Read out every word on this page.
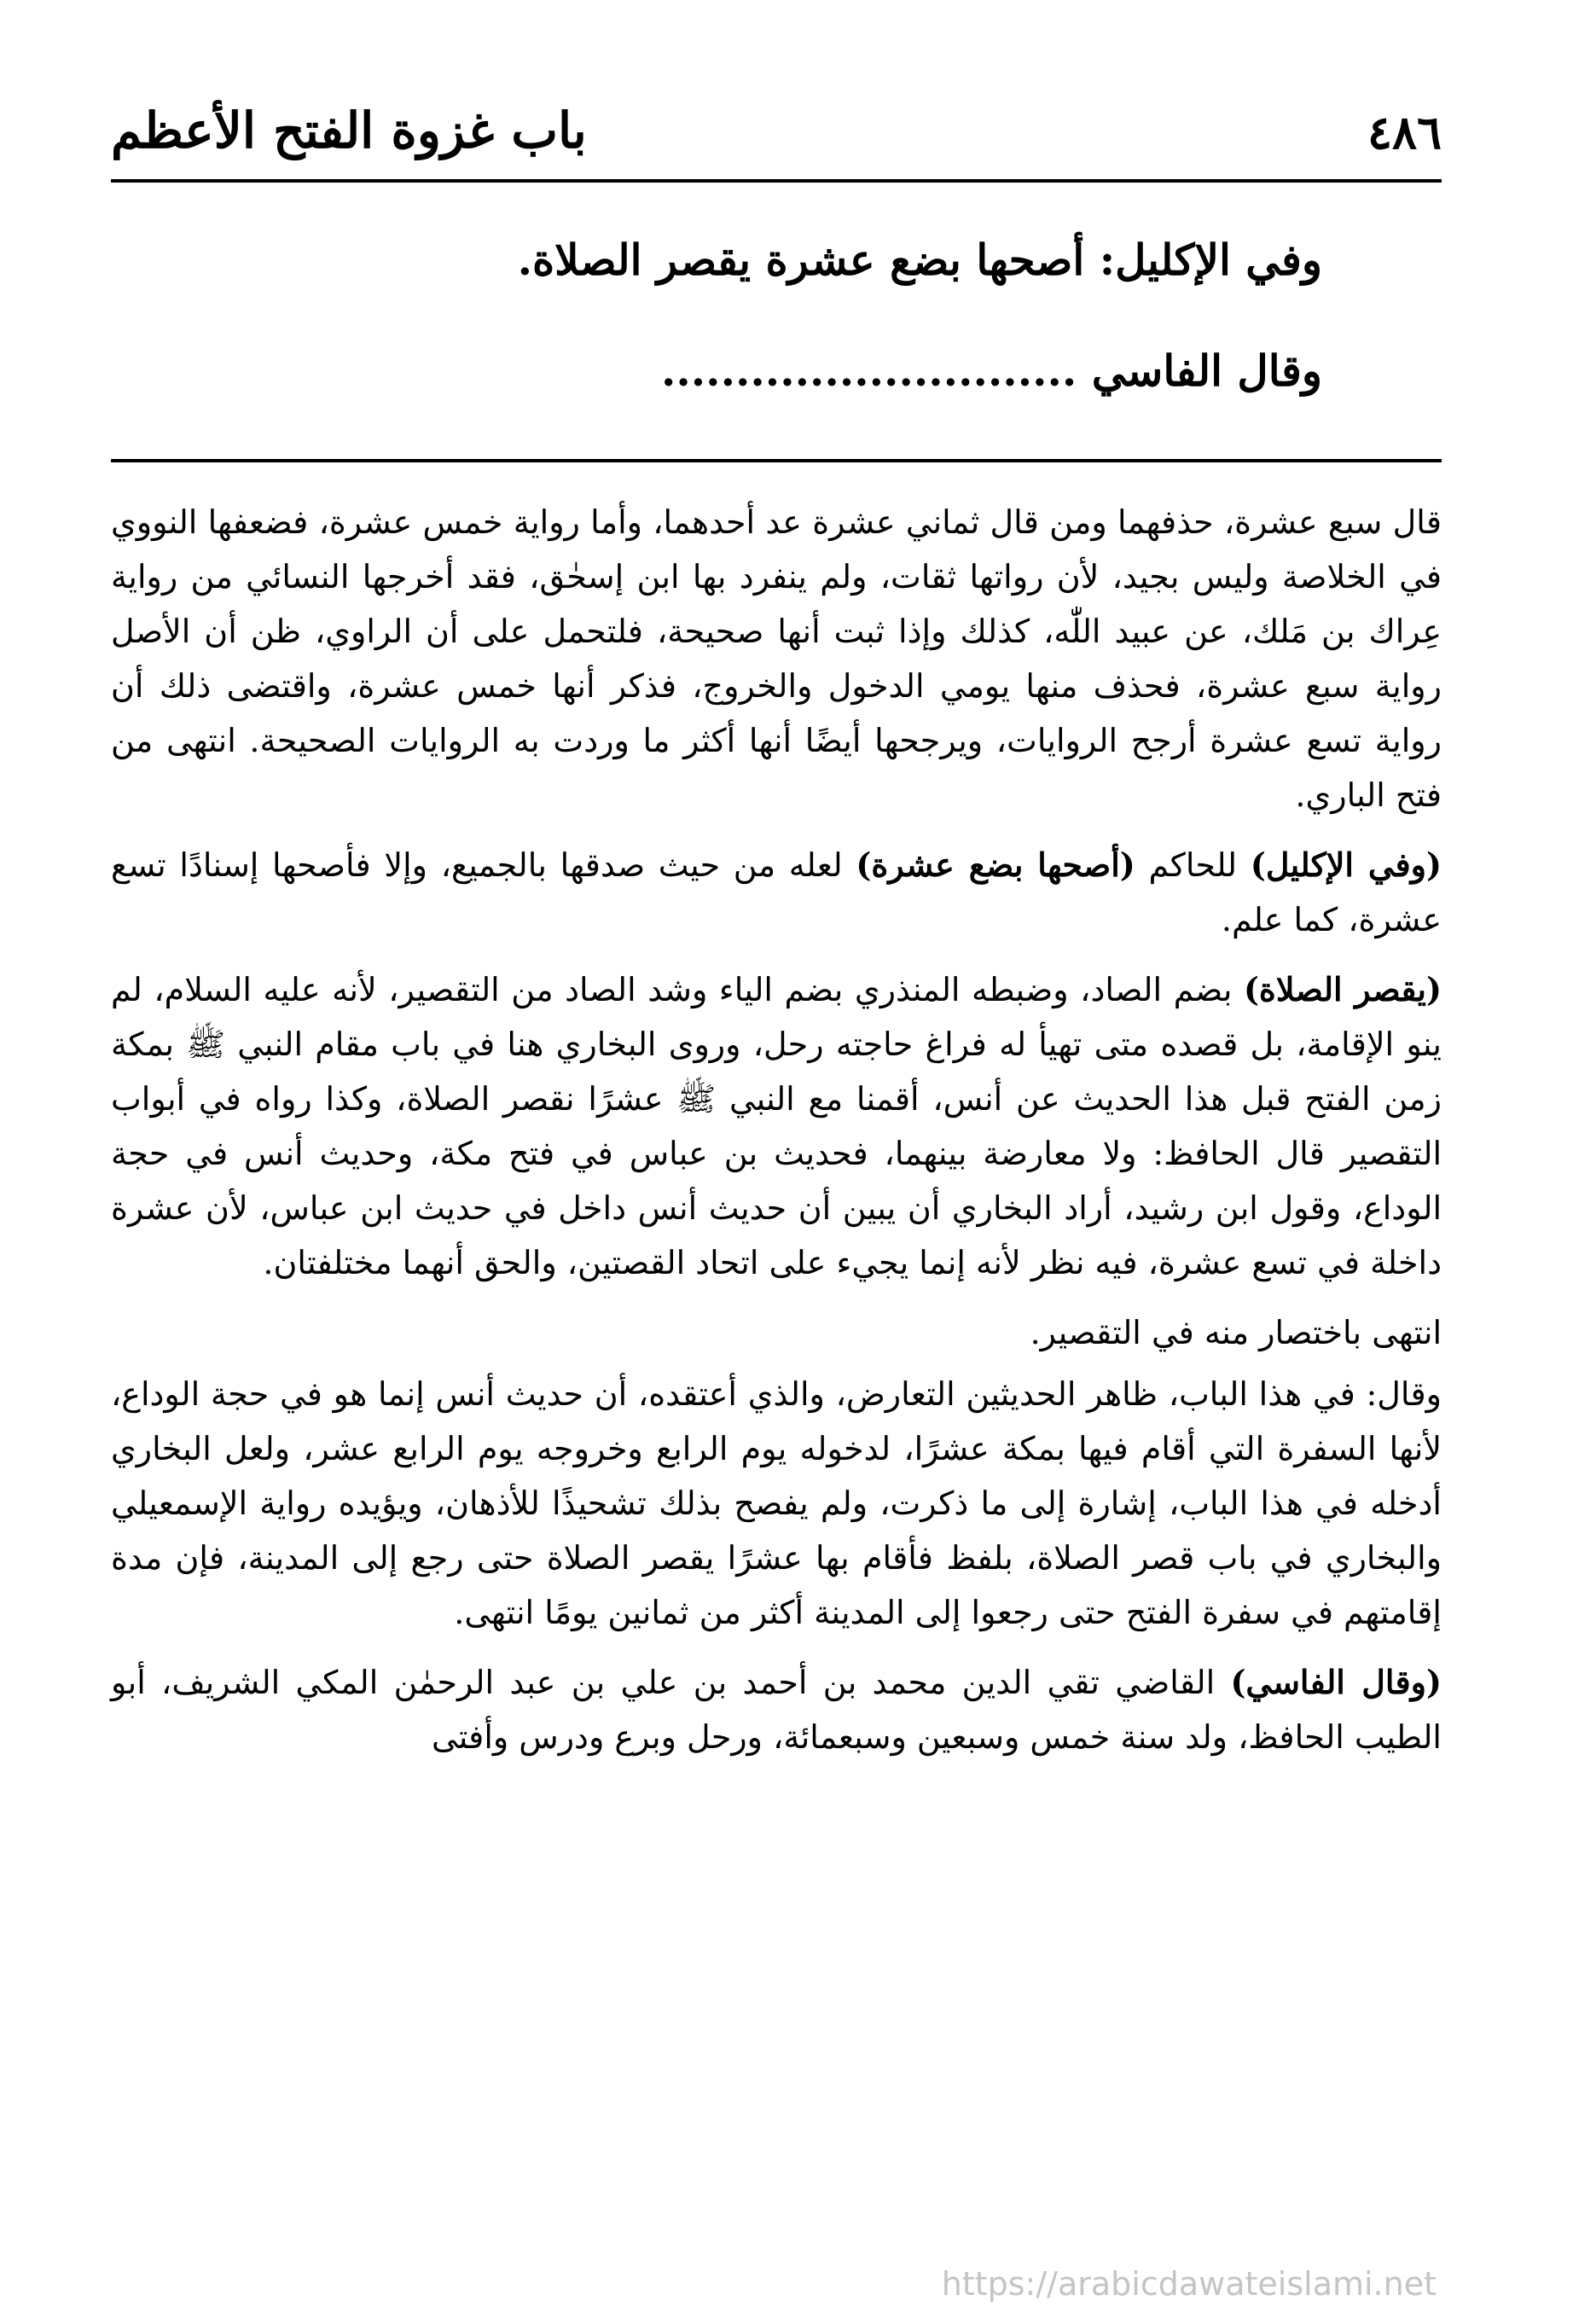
٤٨٦
باب غزوة الفتح الأعظم
وفي الإكليل: أصحها بضع عشرة يقصر الصلاة.
وقال الفاسي ............................

قال سبع عشرة، حذفهما ومن قال ثماني عشرة عد أحدهما، وأما رواية خمس عشرة، فضعفها النووي في الخلاصة وليس بجيد، لأن رواتها ثقات، ولم ينفرد بها ابن إسحٰق، فقد أخرجها النسائي من رواية عِراك بن مَلك، عن عبيد اللّٰه، كذلك وإذا ثبت أنها صحيحة، فلتحمل على أن الراوي، ظن أن الأصل رواية سبع عشرة، فحذف منها يومي الدخول والخروج، فذكر أنها خمس عشرة، واقتضى ذلك أن رواية تسع عشرة أرجح الروايات، ويرجحها أيضًا أنها أكثر ما وردت به الروايات الصحيحة. انتهى من فتح الباري.

(وفي الإكليل) للحاكم (أصحها بضع عشرة) لعله من حيث صدقها بالجميع، وإلا فأصحها إسنادًا تسع عشرة، كما علم.

(يقصر الصلاة) بضم الصاد، وضبطه المنذري بضم الياء وشد الصاد من التقصير، لأنه عليه السلام، لم ينو الإقامة، بل قصده متى تهيأ له فراغ حاجته رحل، وروى البخاري هنا في باب مقام النبي ﷺ بمكة زمن الفتح قبل هذا الحديث عن أنس، أقمنا مع النبي ﷺ عشرًا نقصر الصلاة، وكذا رواه في أبواب التقصير قال الحافظ: ولا معارضة بينهما، فحديث بن عباس في فتح مكة، وحديث أنس في حجة الوداع، وقول ابن رشيد، أراد البخاري أن يبين أن حديث أنس داخل في حديث ابن عباس، لأن عشرة داخلة في تسع عشرة، فيه نظر لأنه إنما يجيء على اتحاد القصتين، والحق أنهما مختلفتان.

انتهى باختصار منه في التقصير.

وقال: في هذا الباب، ظاهر الحديثين التعارض، والذي أعتقده، أن حديث أنس إنما هو في حجة الوداع، لأنها السفرة التي أقام فيها بمكة عشرًا، لدخوله يوم الرابع وخروجه يوم الرابع عشر، ولعل البخاري أدخله في هذا الباب، إشارة إلى ما ذكرت، ولم يفصح بذلك تشحيذًا للأذهان، ويؤيده رواية الإسمعيلي والبخاري في باب قصر الصلاة، بلفظ فأقام بها عشرًا يقصر الصلاة حتى رجع إلى المدينة، فإن مدة إقامتهم في سفرة الفتح حتى رجعوا إلى المدينة أكثر من ثمانين يومًا انتهى.

(وقال الفاسي) القاضي تقي الدين محمد بن أحمد بن علي بن عبد الرحمٰن المكي الشريف، أبو الطيب الحافظ، ولد سنة خمس وسبعين وسبعمائة، ورحل وبرع ودرس وأفتى

https://arabicdawateislami.net
